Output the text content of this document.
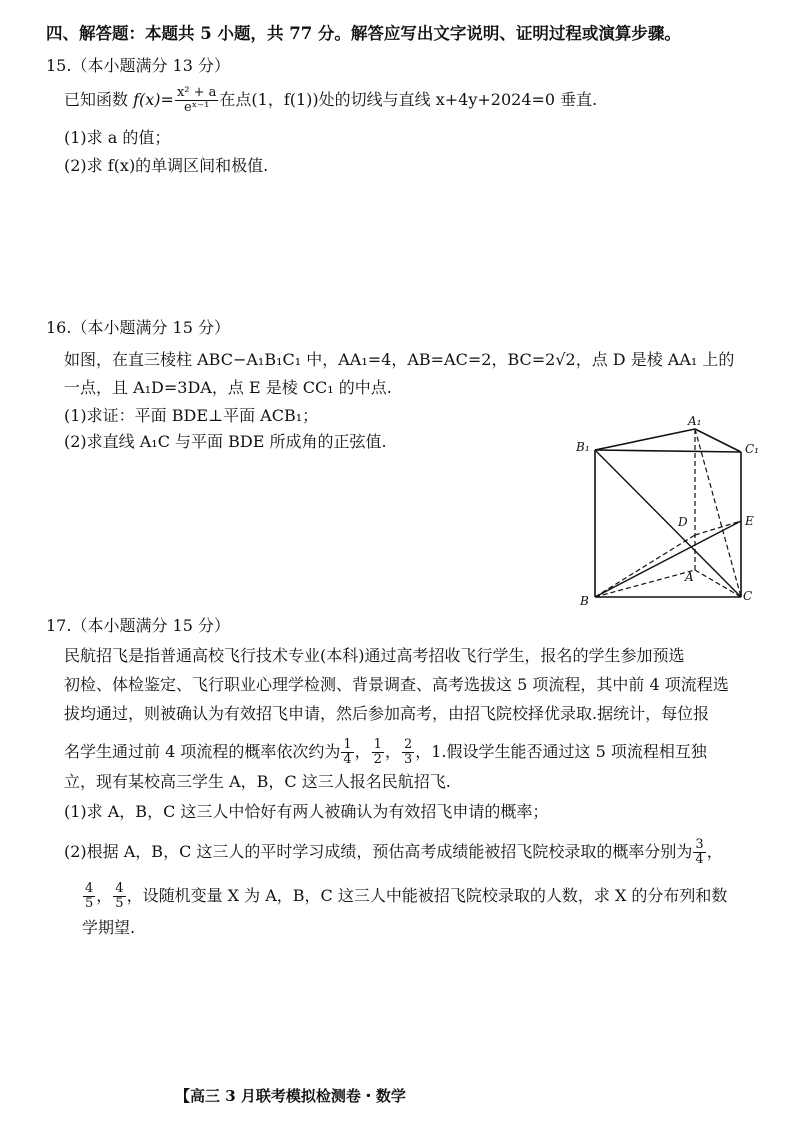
四、解答题：本题共 5 小题，共 77 分。解答应写出文字说明、证明过程或演算步骤。
15.（本小题满分 13 分）
已知函数 $f(x)= \frac{\text{x² + a}}{\text{eˣ⁻¹}}$ 在点(1，f(1))处的切线与直线 x+4y+2024=0 垂直.
(1)求 a 的值；
(2)求 f(x)的单调区间和极值.
16.（本小题满分 15 分）
如图，在直三棱柱 ABC−A₁B₁C₁ 中，AA₁=4，AB=AC=2，BC=2√2，点 D 是棱 AA₁ 上的
一点，且 A₁D=3DA，点 E 是棱 CC₁ 的中点.
(1)求证：平面 BDE⊥平面 ACB₁；
(2)求直线 A₁C 与平面 BDE 所成角的正弦值.
A₁
B₁	C₁
D	E
A
B	C
17.（本小题满分 15 分）
民航招飞是指普通高校飞行技术专业(本科)通过高考招收飞行学生，报名的学生参加预选
初检、体检鉴定、飞行职业心理学检测、背景调查、高考选拔这 5 项流程，其中前 4 项流程选
拔均通过，则被确认为有效招飞申请，然后参加高考，由招飞院校择优录取.据统计，每位报
名学生通过前 4 项流程的概率依次约为 $\frac{1}{4}$ ， $\frac{1}{2}$ ， $\frac{2}{3}$ ，1.假设学生能否通过这 5 项流程相互独
立，现有某校高三学生 A，B，C 这三人报名民航招飞.
(1)求 A，B，C 这三人中恰好有两人被确认为有效招飞申请的概率；
(2)根据 A，B，C 这三人的平时学习成绩，预估高考成绩能被招飞院校录取的概率分别为 $\frac{3}{4}$ ，
$\frac{4}{5}$ ， $\frac{4}{5}$ ，设随机变量 X 为 A，B，C 这三人中能被招飞院校录取的人数，求 X 的分布列和数
学期望.
【高三 3 月联考模拟检测卷・数学
